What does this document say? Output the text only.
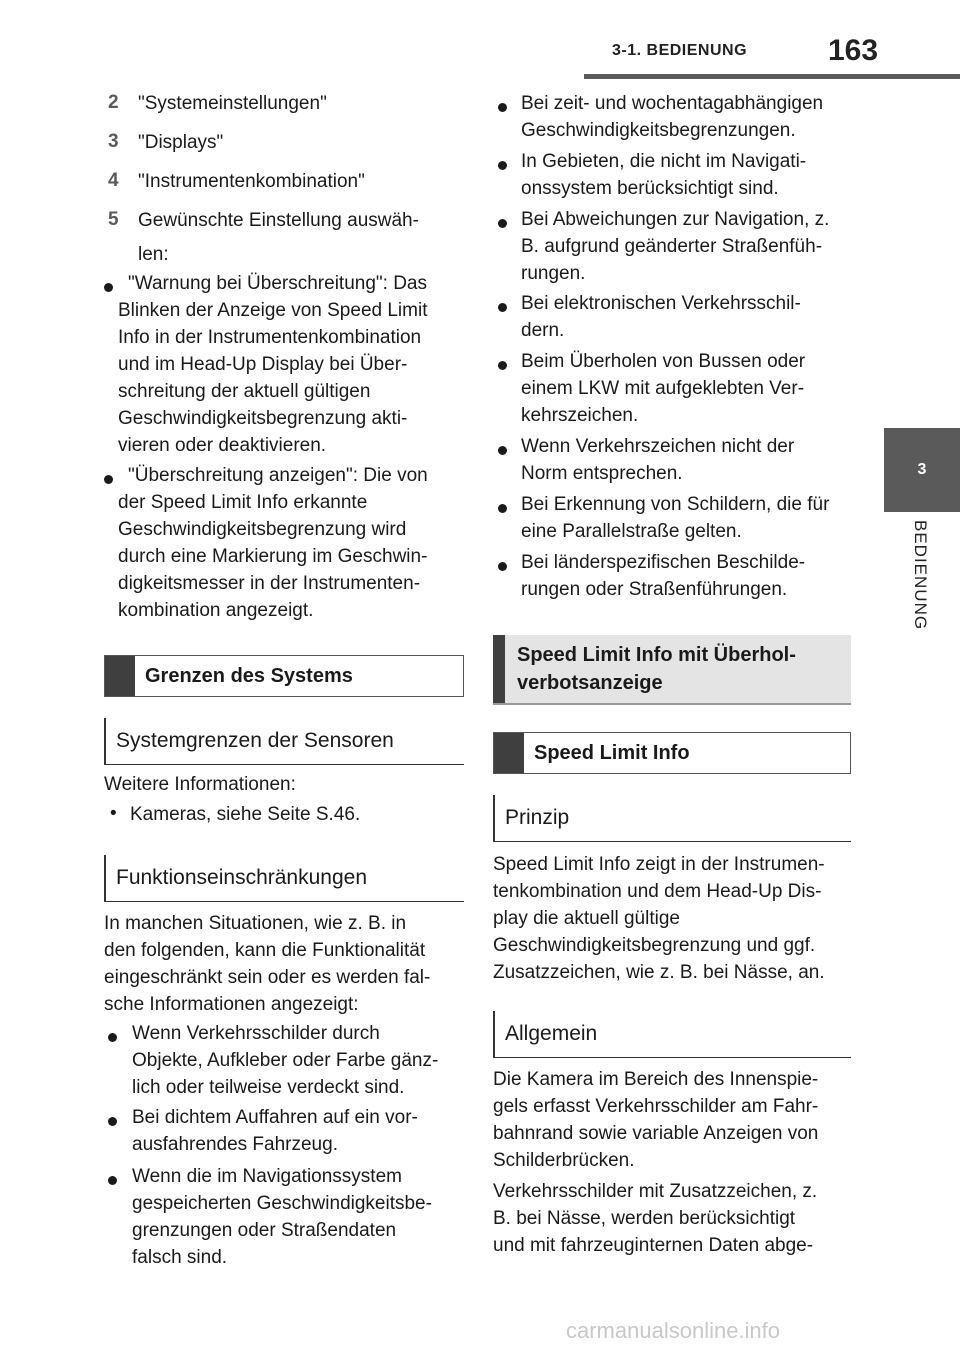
3-1. BEDIENUNG	163
3
BEDIENUNG
2 "Systemeinstellungen"
3 "Displays"
4 "Instrumentenkombination"
5 Gewünschte Einstellung auswäh-
len:
"Warnung bei Überschreitung": Das
Blinken der Anzeige von Speed Limit
Info in der Instrumentenkombination
und im Head-Up Display bei Über-
schreitung der aktuell gültigen
Geschwindigkeitsbegrenzung akti-
vieren oder deaktivieren.
"Überschreitung anzeigen": Die von
der Speed Limit Info erkannte
Geschwindigkeitsbegrenzung wird
durch eine Markierung im Geschwin-
digkeitsmesser in der Instrumenten-
kombination angezeigt.
Grenzen des Systems
Systemgrenzen der Sensoren
Weitere Informationen:
• Kameras, siehe Seite S.46.
Funktionseinschränkungen
In manchen Situationen, wie z. B. in
den folgenden, kann die Funktionalität
eingeschränkt sein oder es werden fal-
sche Informationen angezeigt:
Wenn Verkehrsschilder durch
Objekte, Aufkleber oder Farbe gänz-
lich oder teilweise verdeckt sind.
Bei dichtem Auffahren auf ein vor-
ausfahrendes Fahrzeug.
Wenn die im Navigationssystem
gespeicherten Geschwindigkeitsbe-
grenzungen oder Straßendaten
falsch sind.
Bei zeit- und wochentagabhängigen
Geschwindigkeitsbegrenzungen.
In Gebieten, die nicht im Navigati-
onssystem berücksichtigt sind.
Bei Abweichungen zur Navigation, z.
B. aufgrund geänderter Straßenfüh-
rungen.
Bei elektronischen Verkehrsschil-
dern.
Beim Überholen von Bussen oder
einem LKW mit aufgeklebten Ver-
kehrszeichen.
Wenn Verkehrszeichen nicht der
Norm entsprechen.
Bei Erkennung von Schildern, die für
eine Parallelstraße gelten.
Bei länderspezifischen Beschilde-
rungen oder Straßenführungen.
Speed Limit Info mit Überhol-
verbotsanzeige
Speed Limit Info
Prinzip
Speed Limit Info zeigt in der Instrumen-
tenkombination und dem Head-Up Dis-
play die aktuell gültige
Geschwindigkeitsbegrenzung und ggf.
Zusatzzeichen, wie z. B. bei Nässe, an.
Allgemein
Die Kamera im Bereich des Innenspie-
gels erfasst Verkehrsschilder am Fahr-
bahnrand sowie variable Anzeigen von
Schilderbrücken.
Verkehrsschilder mit Zusatzzeichen, z.
B. bei Nässe, werden berücksichtigt
und mit fahrzeuginternen Daten abge-
carmanualsonline.info
